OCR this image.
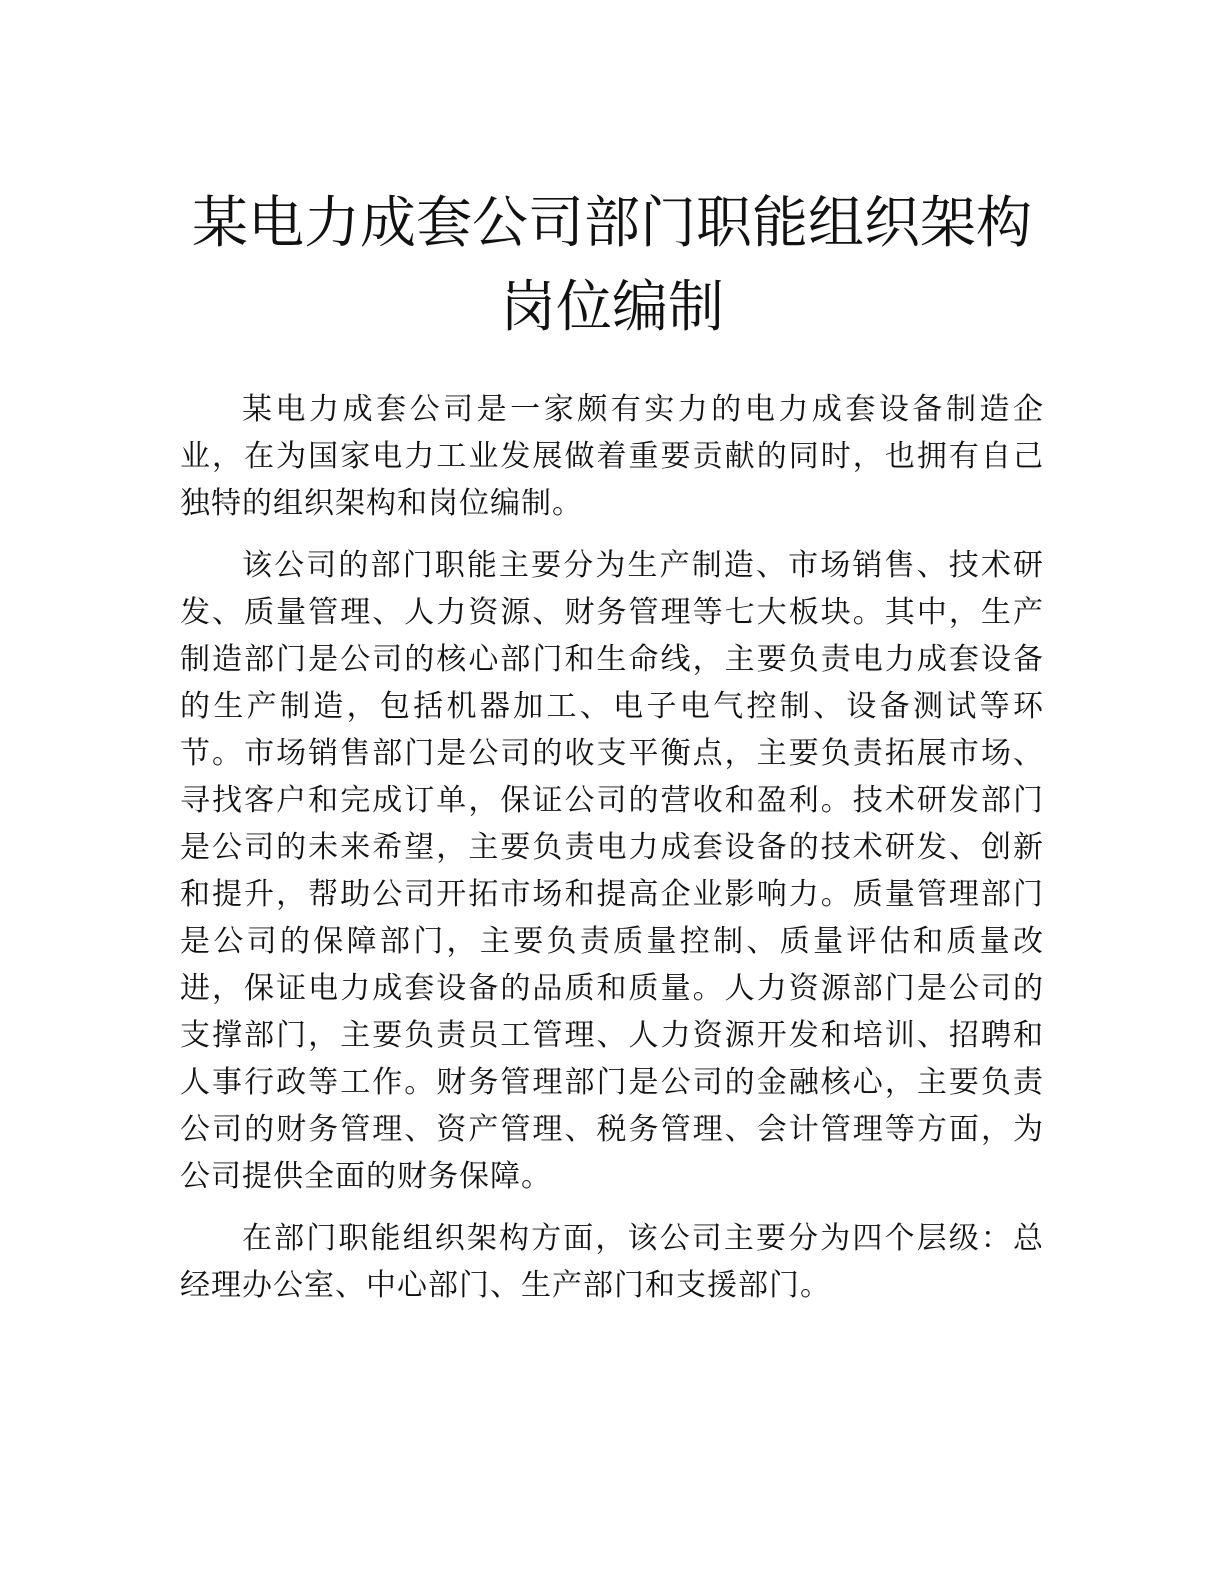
某电力成套公司部门职能组织架构
岗位编制

某电力成套公司是一家颇有实力的电力成套设备制造企业，在为国家电力工业发展做着重要贡献的同时，也拥有自己独特的组织架构和岗位编制。

该公司的部门职能主要分为生产制造、市场销售、技术研发、质量管理、人力资源、财务管理等七大板块。其中，生产制造部门是公司的核心部门和生命线，主要负责电力成套设备的生产制造，包括机器加工、电子电气控制、设备测试等环节。市场销售部门是公司的收支平衡点，主要负责拓展市场、寻找客户和完成订单，保证公司的营收和盈利。技术研发部门是公司的未来希望，主要负责电力成套设备的技术研发、创新和提升，帮助公司开拓市场和提高企业影响力。质量管理部门是公司的保障部门，主要负责质量控制、质量评估和质量改进，保证电力成套设备的品质和质量。人力资源部门是公司的支撑部门，主要负责员工管理、人力资源开发和培训、招聘和人事行政等工作。财务管理部门是公司的金融核心，主要负责公司的财务管理、资产管理、税务管理、会计管理等方面，为公司提供全面的财务保障。

在部门职能组织架构方面，该公司主要分为四个层级：总经理办公室、中心部门、生产部门和支援部门。
